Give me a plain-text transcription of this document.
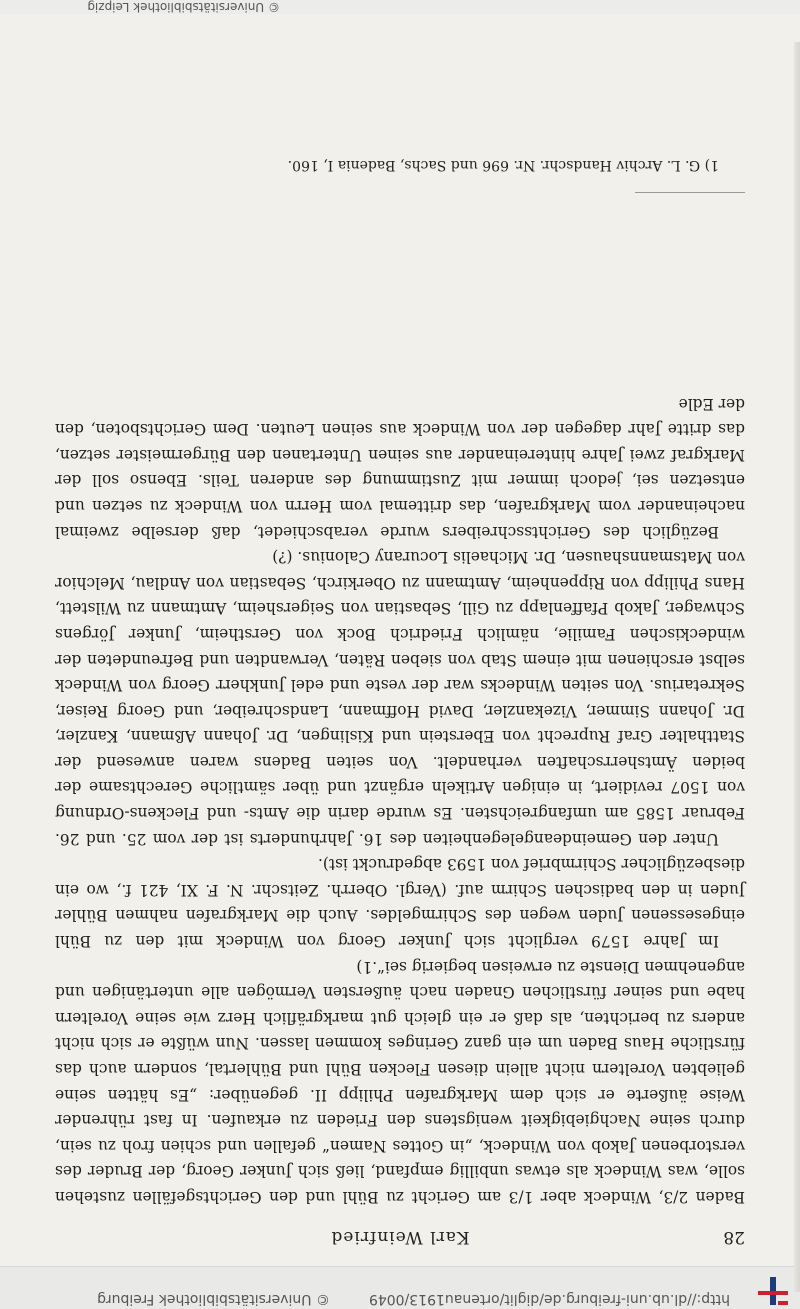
http://dl.ub.uni-freiburg.de/diglit/ortenau1913/0049
© Universitätsbibliothek Freiburg
28
Karl Weinfried

Baden 2/3, Windeck aber 1/3 am Gericht zu Bühl und den Gerichtsgefällen zustehen solle, was Windeck als etwas unbillig empfand, ließ sich Junker Georg, der Bruder des verstorbenen Jakob von Windeck, „in Gottes Namen“ gefallen und schien froh zu sein, durch seine Nachgiebigkeit wenigstens den Frieden zu erkaufen. In fast rührender Weise äußerte er sich dem Markgrafen Philipp II. gegenüber: „Es hätten seine geliebten Voreltern nicht allein diesen Flecken Bühl und Bühlertal, sondern auch das fürstliche Haus Baden um ein ganz Geringes kommen lassen. Nun wüßte er sich nicht anders zu berichten, als daß er ein gleich gut markgräflich Herz wie seine Voreltern habe und seiner fürstlichen Gnaden nach äußersten Vermögen alle untertänigen und angenehmen Dienste zu erweisen begierig sei“.1)

Im Jahre 1579 verglicht sich Junker Georg von Windeck mit den zu Bühl eingesessenen Juden wegen des Schirmgeldes. Auch die Markgrafen nahmen Bühler Juden in den badischen Schirm auf. (Vergl. Oberrh. Zeitschr. N. F. XI, 421 f., wo ein diesbezüglicher Schirmbrief von 1593 abgedruckt ist).

Unter den Gemeindeangelegenheiten des 16. Jahrhunderts ist der vom 25. und 26. Februar 1585 am umfangreichsten. Es wurde darin die Amts- und Fleckens-Ordnung von 1507 revidiert, in einigen Artikeln ergänzt und über sämtliche Gerechtsame der beiden Ämtsherrschaften verhandelt. Von seiten Badens waren anwesend der Statthalter Graf Ruprecht von Eberstein und Kislingen, Dr. Johann Aßmann, Kanzler, Dr. Johann Simmer, Vizekanzler, David Hoffmann, Landschreiber, und Georg Reiser, Sekretarius. Von seiten Windecks war der veste und edel Junkherr Georg von Windeck selbst erschienen mit einem Stab von sieben Räten, Verwandten und Befreundeten der windeckischen Familie, nämlich Friedrich Bock von Gerstheim, Junker Jörgens Schwager, Jakob Pfaffenlapp zu Gill, Sebastian von Seigersheim, Amtmann zu Wilstett, Hans Philipp von Rippenheim, Amtmann zu Oberkirch, Sebastian von Andlau, Melchior von Matsmannshausen, Dr. Michaelis Locurany Calonius. (?)

Bezüglich des Gerichtsschreibers wurde verabschiedet, daß derselbe zweimal nacheinander vom Markgrafen, das drittemal vom Herrn von Windeck zu setzen und entsetzen sei, jedoch immer mit Zustimmung des anderen Teils. Ebenso soll der Markgraf zwei Jahre hintereinander aus seinen Untertanen den Bürgermeister setzen, das dritte Jahr dagegen der von Windeck aus seinen Leuten. Dem Gerichtsboten, den der Edle

1) G. L. Archiv Handschr. Nr. 696 und Sachs, Badenia I, 160.
© Universitätsbibliothek Leipzig
